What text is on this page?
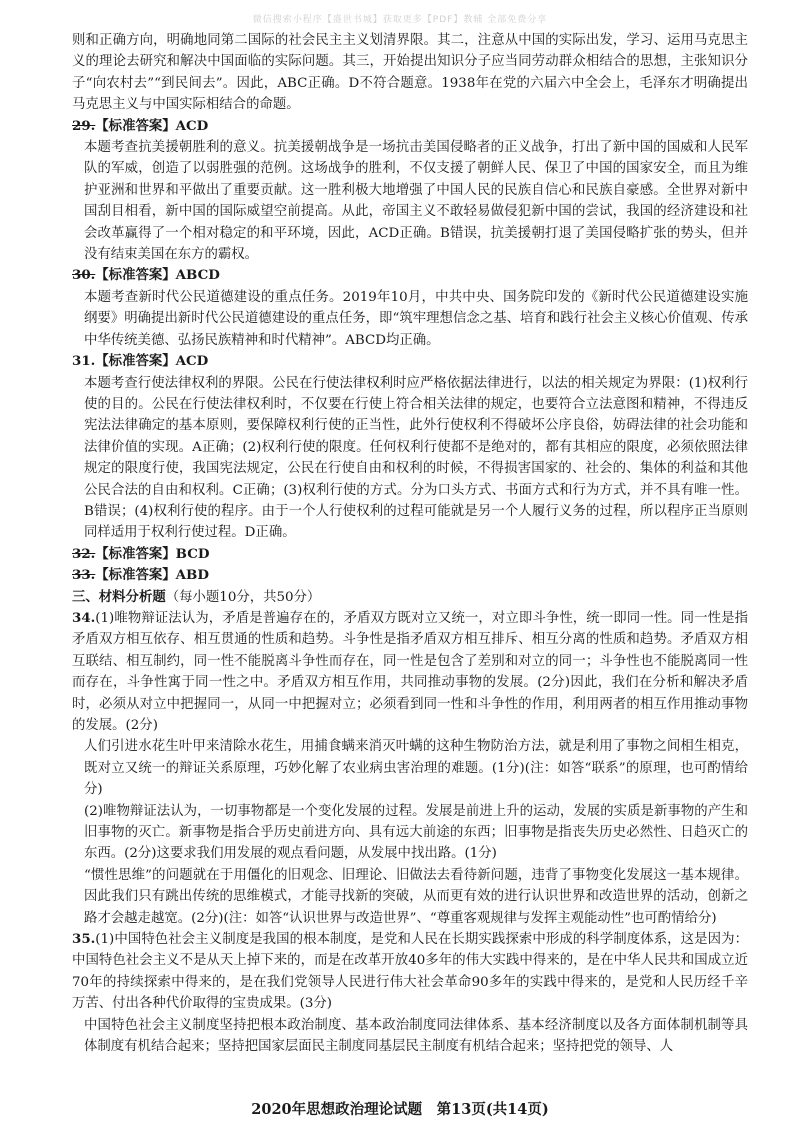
微信搜索小程序【盛世书城】获取更多【PDF】教辅 全部免费分享

则和正确方向，明确地同第二国际的社会民主主义划清界限。其二，注意从中国的实际出发，学习、运用马克思主义的理论去研究和解决中国面临的实际问题。其三，开始提出知识分子应当同劳动群众相结合的思想，主张知识分子“向农村去”“到民间去”。因此，ABC正确。D不符合题意。1938年在党的六届六中全会上，毛泽东才明确提出马克思主义与中国实际相结合的命题。

29.【标准答案】ACD

本题考查抗美援朝胜利的意义。抗美援朝战争是一场抗击美国侵略者的正义战争，打出了新中国的国威和人民军队的军威，创造了以弱胜强的范例。这场战争的胜利，不仅支援了朝鲜人民、保卫了中国的国家安全，而且为维护亚洲和世界和平做出了重要贡献。这一胜利极大地增强了中国人民的民族自信心和民族自豪感。全世界对新中国刮目相看，新中国的国际威望空前提高。从此，帝国主义不敢轻易做侵犯新中国的尝试，我国的经济建设和社会改革赢得了一个相对稳定的和平环境，因此，ACD正确。B错误，抗美援朝打退了美国侵略扩张的势头，但并没有结束美国在东方的霸权。

30.【标准答案】ABCD

本题考查新时代公民道德建设的重点任务。2019年10月，中共中央、国务院印发的《新时代公民道德建设实施纲要》明确提出新时代公民道德建设的重点任务，即“筑牢理想信念之基、培育和践行社会主义核心价值观、传承中华传统美德、弘扬民族精神和时代精神”。ABCD均正确。

31.【标准答案】ACD

本题考查行使法律权利的界限。公民在行使法律权利时应严格依据法律进行，以法的相关规定为界限：(1)权利行使的目的。公民在行使法律权利时，不仅要在行使上符合相关法律的规定，也要符合立法意图和精神，不得违反宪法法律确定的基本原则，要保障权利行使的正当性，此外行使权利不得破坏公序良俗，妨碍法律的社会功能和法律价值的实现。A正确；(2)权利行使的限度。任何权利行使都不是绝对的，都有其相应的限度，必须依照法律规定的限度行使，我国宪法规定，公民在行使自由和权利的时候，不得损害国家的、社会的、集体的利益和其他公民合法的自由和权利。C正确；(3)权利行使的方式。分为口头方式、书面方式和行为方式，并不具有唯一性。B错误；(4)权利行使的程序。由于一个人行使权利的过程可能就是另一个人履行义务的过程，所以程序正当原则同样适用于权利行使过程。D正确。

32.【标准答案】BCD

33.【标准答案】ABD

三、材料分析题（每小题10分，共50分）

34.(1)唯物辩证法认为，矛盾是普遍存在的，矛盾双方既对立又统一，对立即斗争性，统一即同一性。同一性是指矛盾双方相互依存、相互贯通的性质和趋势。斗争性是指矛盾双方相互排斥、相互分离的性质和趋势。矛盾双方相互联结、相互制约，同一性不能脱离斗争性而存在，同一性是包含了差别和对立的同一；斗争性也不能脱离同一性而存在，斗争性寓于同一性之中。矛盾双方相互作用，共同推动事物的发展。(2分)因此，我们在分析和解决矛盾时，必须从对立中把握同一，从同一中把握对立；必须看到同一性和斗争性的作用，利用两者的相互作用推动事物的发展。(2分)

人们引进水花生叶甲来清除水花生，用捕食螨来消灭叶螨的这种生物防治方法，就是利用了事物之间相生相克，既对立又统一的辩证关系原理，巧妙化解了农业病虫害治理的难题。(1分)(注：如答“联系”的原理，也可酌情给分)

(2)唯物辩证法认为，一切事物都是一个变化发展的过程。发展是前进上升的运动，发展的实质是新事物的产生和旧事物的灭亡。新事物是指合乎历史前进方向、具有远大前途的东西；旧事物是指丧失历史必然性、日趋灭亡的东西。(2分)这要求我们用发展的观点看问题，从发展中找出路。(1分)

“惯性思维”的问题就在于用僵化的旧观念、旧理论、旧做法去看待新问题，违背了事物变化发展这一基本规律。因此我们只有跳出传统的思维模式，才能寻找新的突破，从而更有效的进行认识世界和改造世界的活动，创新之路才会越走越宽。(2分)(注：如答“认识世界与改造世界”、“尊重客观规律与发挥主观能动性”也可酌情给分)

35.(1)中国特色社会主义制度是我国的根本制度，是党和人民在长期实践探索中形成的科学制度体系，这是因为：中国特色社会主义不是从天上掉下来的，而是在改革开放40多年的伟大实践中得来的，是在中华人民共和国成立近70年的持续探索中得来的，是在我们党领导人民进行伟大社会革命90多年的实践中得来的，是党和人民历经千辛万苦、付出各种代价取得的宝贵成果。(3分)

中国特色社会主义制度坚持把根本政治制度、基本政治制度同法律体系、基本经济制度以及各方面体制机制等具体制度有机结合起来；坚持把国家层面民主制度同基层民主制度有机结合起来；坚持把党的领导、人

2020年思想政治理论试题　第13页(共14页)
